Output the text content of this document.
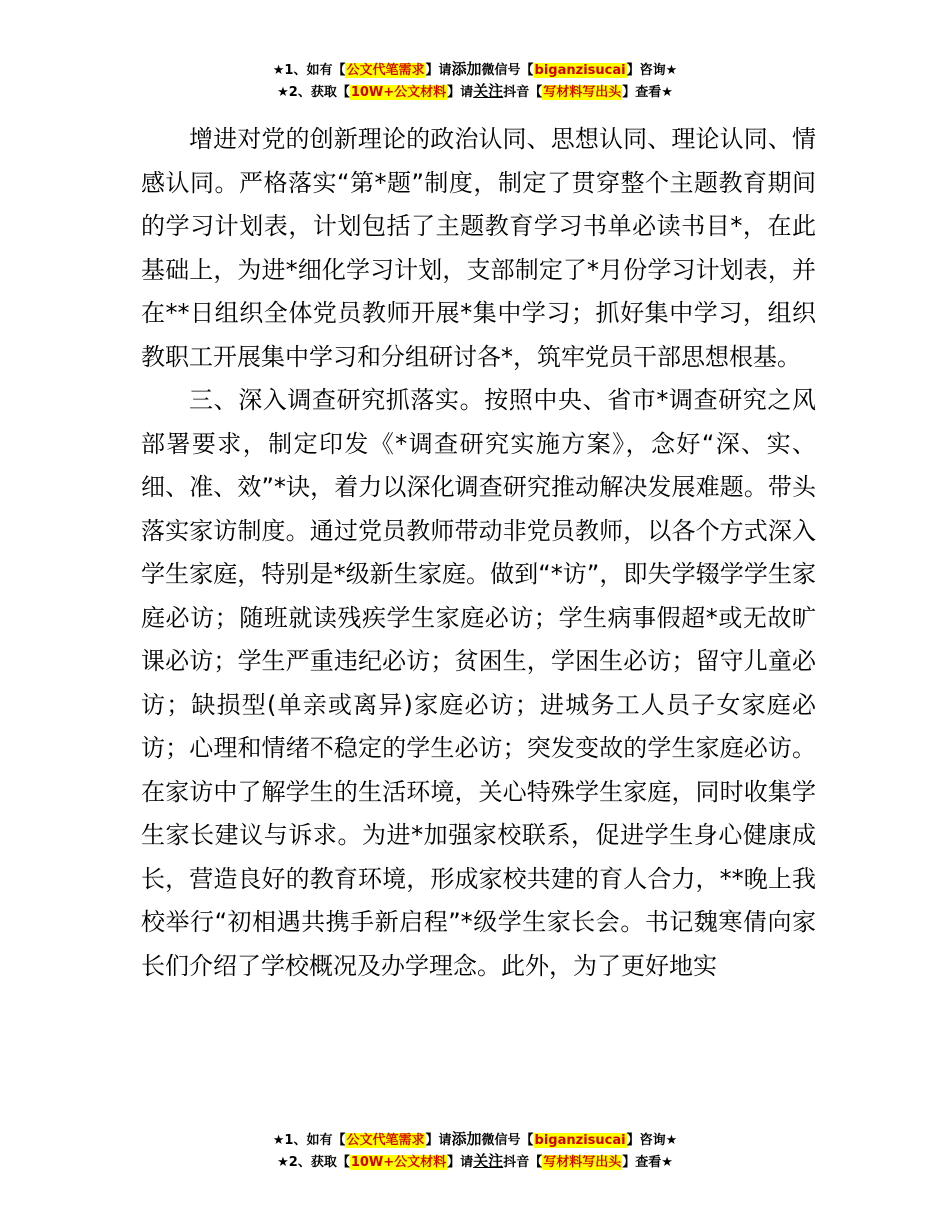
★1、如有【公文代笔需求】请添加微信号【biganzisucai】咨询★
★2、获取【10W+公文材料】请关注抖音【写材料写出头】查看★

增进对党的创新理论的政治认同、思想认同、理论认同、情感认同。严格落实“第*题”制度，制定了贯穿整个主题教育期间的学习计划表，计划包括了主题教育学习书单必读书目*，在此基础上，为进*细化学习计划，支部制定了*月份学习计划表，并在**日组织全体党员教师开展*集中学习；抓好集中学习，组织教职工开展集中学习和分组研讨各*，筑牢党员干部思想根基。

三、深入调查研究抓落实。按照中央、省市*调查研究之风部署要求，制定印发《*调查研究实施方案》，念好“深、实、细、准、效”*诀，着力以深化调查研究推动解决发展难题。带头落实家访制度。通过党员教师带动非党员教师，以各个方式深入学生家庭，特别是*级新生家庭。做到“*访”，即失学辍学学生家庭必访；随班就读残疾学生家庭必访；学生病事假超*或无故旷课必访；学生严重违纪必访；贫困生，学困生必访；留守儿童必访；缺损型(单亲或离异)家庭必访；进城务工人员子女家庭必访；心理和情绪不稳定的学生必访；突发变故的学生家庭必访。在家访中了解学生的生活环境，关心特殊学生家庭，同时收集学生家长建议与诉求。为进*加强家校联系，促进学生身心健康成长，营造良好的教育环境，形成家校共建的育人合力，**晚上我校举行“初相遇共携手新启程”*级学生家长会。书记魏寒倩向家长们介绍了学校概况及办学理念。此外，为了更好地实

★1、如有【公文代笔需求】请添加微信号【biganzisucai】咨询★
★2、获取【10W+公文材料】请关注抖音【写材料写出头】查看★
